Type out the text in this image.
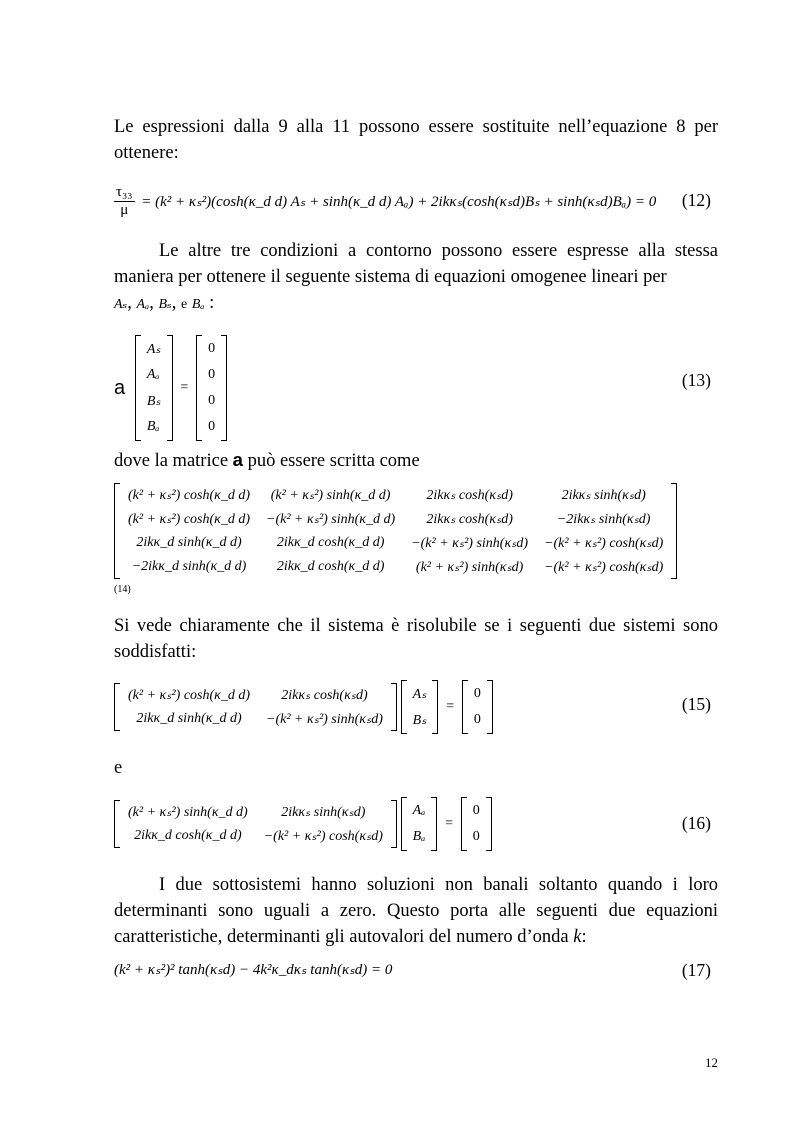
Le espressioni dalla 9 alla 11 possono essere sostituite nell’equazione 8 per ottenere:

$\frac{\text{τ₃₃}}{\mu} = (k^2$ + κₛ²)(cosh(κ_d d) Aₛ + sinh(κ_d d) Aₐ) + 2ikκₛ(cosh(κₛd)Bₛ + sinh(κₛd)Bₐ) = 0 (12)

Le altre tre condizioni a contorno possono essere espresse alla stessa maniera per ottenere il seguente sistema di equazioni omogenee lineari per
Aₛ, Aₐ, Bₛ, e Bₐ :

a
Aₛ
Aₐ
Bₛ
Bₐ
=
0
0
0
0
(13)

dove la matrice a può essere scritta come

(k² + κₛ²) cosh(κ_d d)	(k² + κₛ²) sinh(κ_d d)	2ikκₛ cosh(κₛd)	2ikκₛ sinh(κₛd)
(k² + κₛ²) cosh(κ_d d)	−(k² + κₛ²) sinh(κ_d d)	2ikκₛ cosh(κₛd)	−2ikκₛ sinh(κₛd)
2ikκ_d sinh(κ_d d)	2ikκ_d cosh(κ_d d)	−(k² + κₛ²) sinh(κₛd)	−(k² + κₛ²) cosh(κₛd)
−2ikκ_d sinh(κ_d d)	2ikκ_d cosh(κ_d d)	(k² + κₛ²) sinh(κₛd)	−(k² + κₛ²) cosh(κₛd)
(14)

Si vede chiaramente che il sistema è risolubile se i seguenti due sistemi sono soddisfatti:

(k² + κₛ²) cosh(κ_d d)	2ikκₛ cosh(κₛd)
2ikκ_d sinh(κ_d d)	−(k² + κₛ²) sinh(κₛd)

Aₛ
Bₛ
=
0
0
(15)

e

(k² + κₛ²) sinh(κ_d d)	2ikκₛ sinh(κₛd)
2ikκ_d cosh(κ_d d)	−(k² + κₛ²) cosh(κₛd)

Aₐ
Bₐ
=
0
0
(16)

I due sottosistemi hanno soluzioni non banali soltanto quando i loro determinanti sono uguali a zero. Questo porta alle seguenti due equazioni caratteristiche, determinanti gli autovalori del numero d’onda k:

(k² + κₛ²)² tanh(κₛd) − 4k²κ_dκₛ tanh(κₛd) = 0	(17)
12
